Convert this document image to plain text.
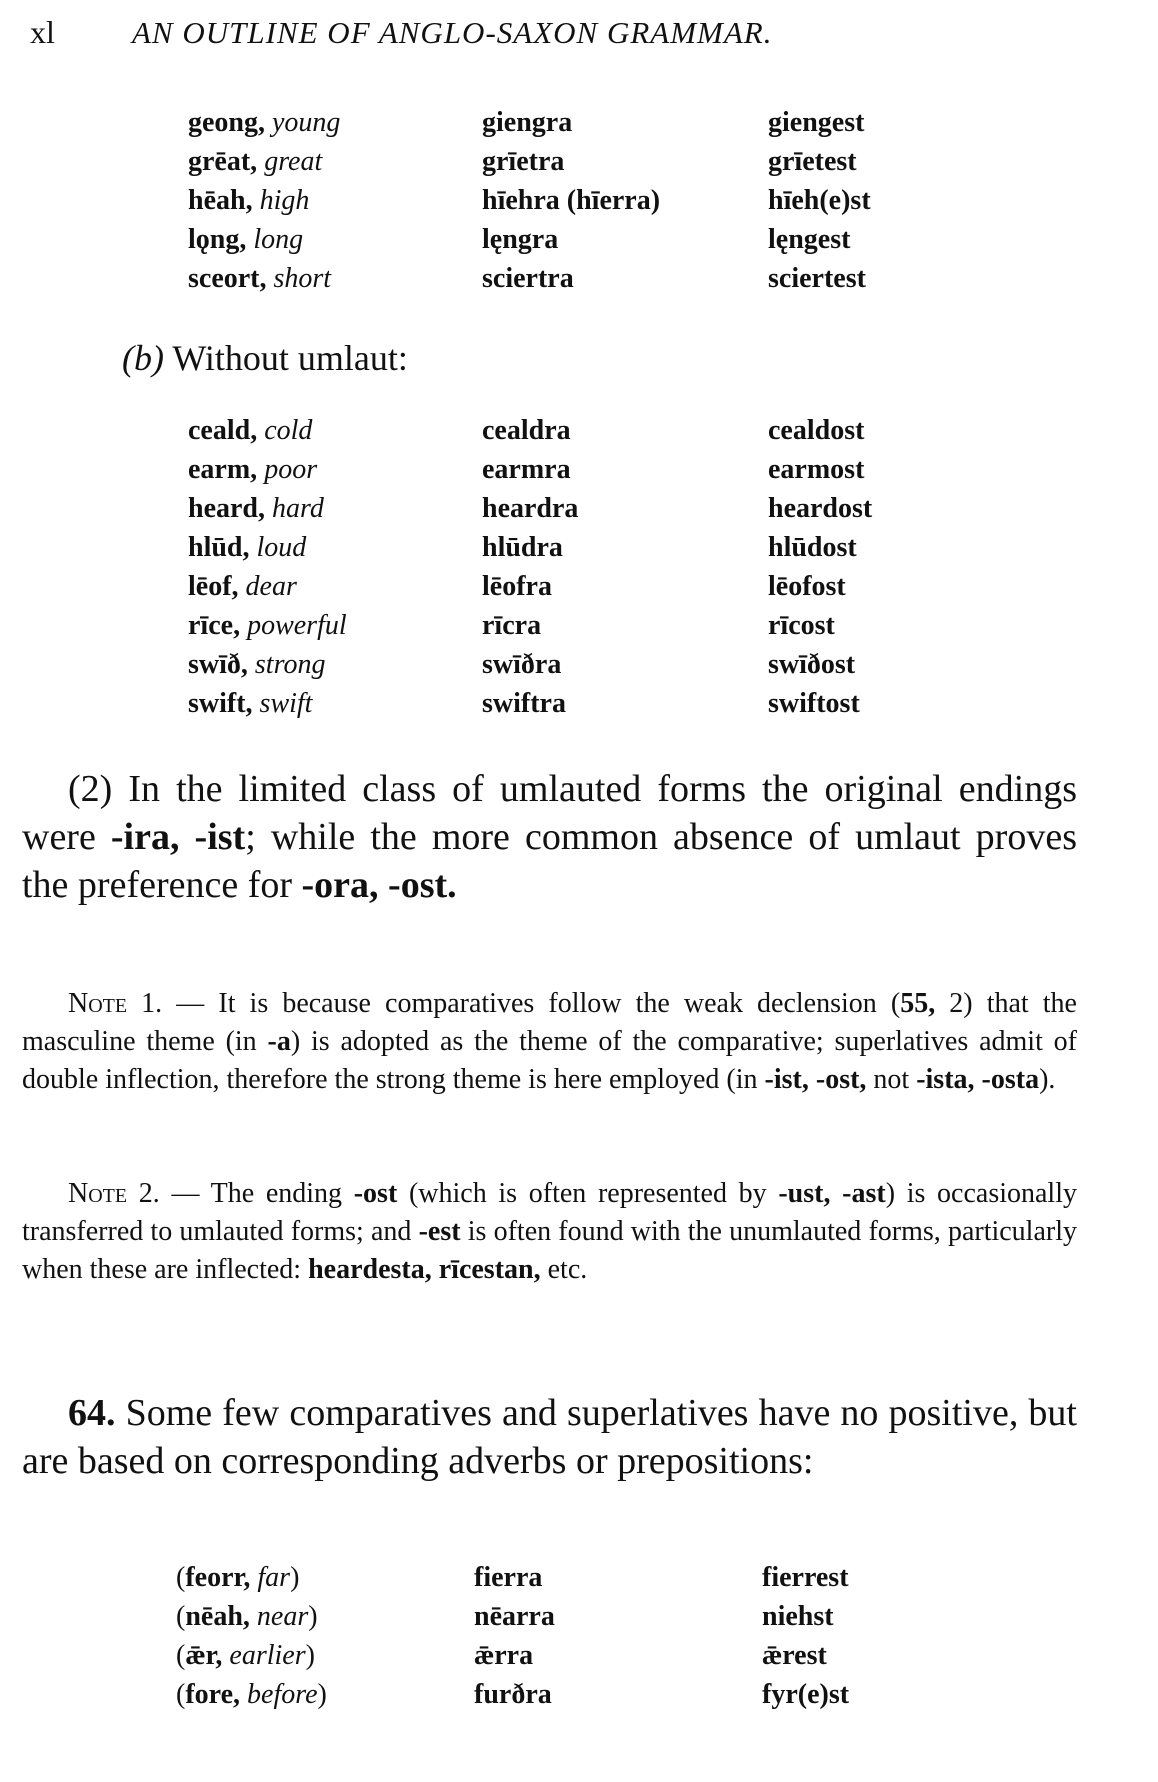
xl AN OUTLINE OF ANGLO-SAXON GRAMMAR.
geong, young	giengra	giengest
grēat, great	grīetra	grīetest
hēah, high	hīehra (hīerra)	hīeh(e)st
lǫng, long	lęngra	lęngest
sceort, short	sciertra	sciertest
(b) Without umlaut:
ceald, cold	cealdra	cealdost
earm, poor	earmra	earmost
heard, hard	heardra	heardost
hlūd, loud	hlūdra	hlūdost
lēof, dear	lēofra	lēofost
rīce, powerful	rīcra	rīcost
swīð, strong	swīðra	swīðost
swift, swift	swiftra	swiftost
(2) In the limited class of umlauted forms the original endings were -ira, -ist; while the more common absence of umlaut proves the preference for -ora, -ost.
Note 1. — It is because comparatives follow the weak declension (55, 2) that the masculine theme (in -a) is adopted as the theme of the comparative; superlatives admit of double inflection, therefore the strong theme is here employed (in -ist, -ost, not -ista, -osta).
Note 2. — The ending -ost (which is often represented by -ust, -ast) is occasionally transferred to umlauted forms; and -est is often found with the unumlauted forms, particularly when these are inflected: heardesta, rīcestan, etc.
64. Some few comparatives and superlatives have no positive, but are based on corresponding adverbs or prepositions:
(feorr, far)	fierra	fierrest
(nēah, near)	nēarra	niehst
(ǣr, earlier)	ǣrra	ǣrest
(fore, before)	furðra	fyr(e)st
